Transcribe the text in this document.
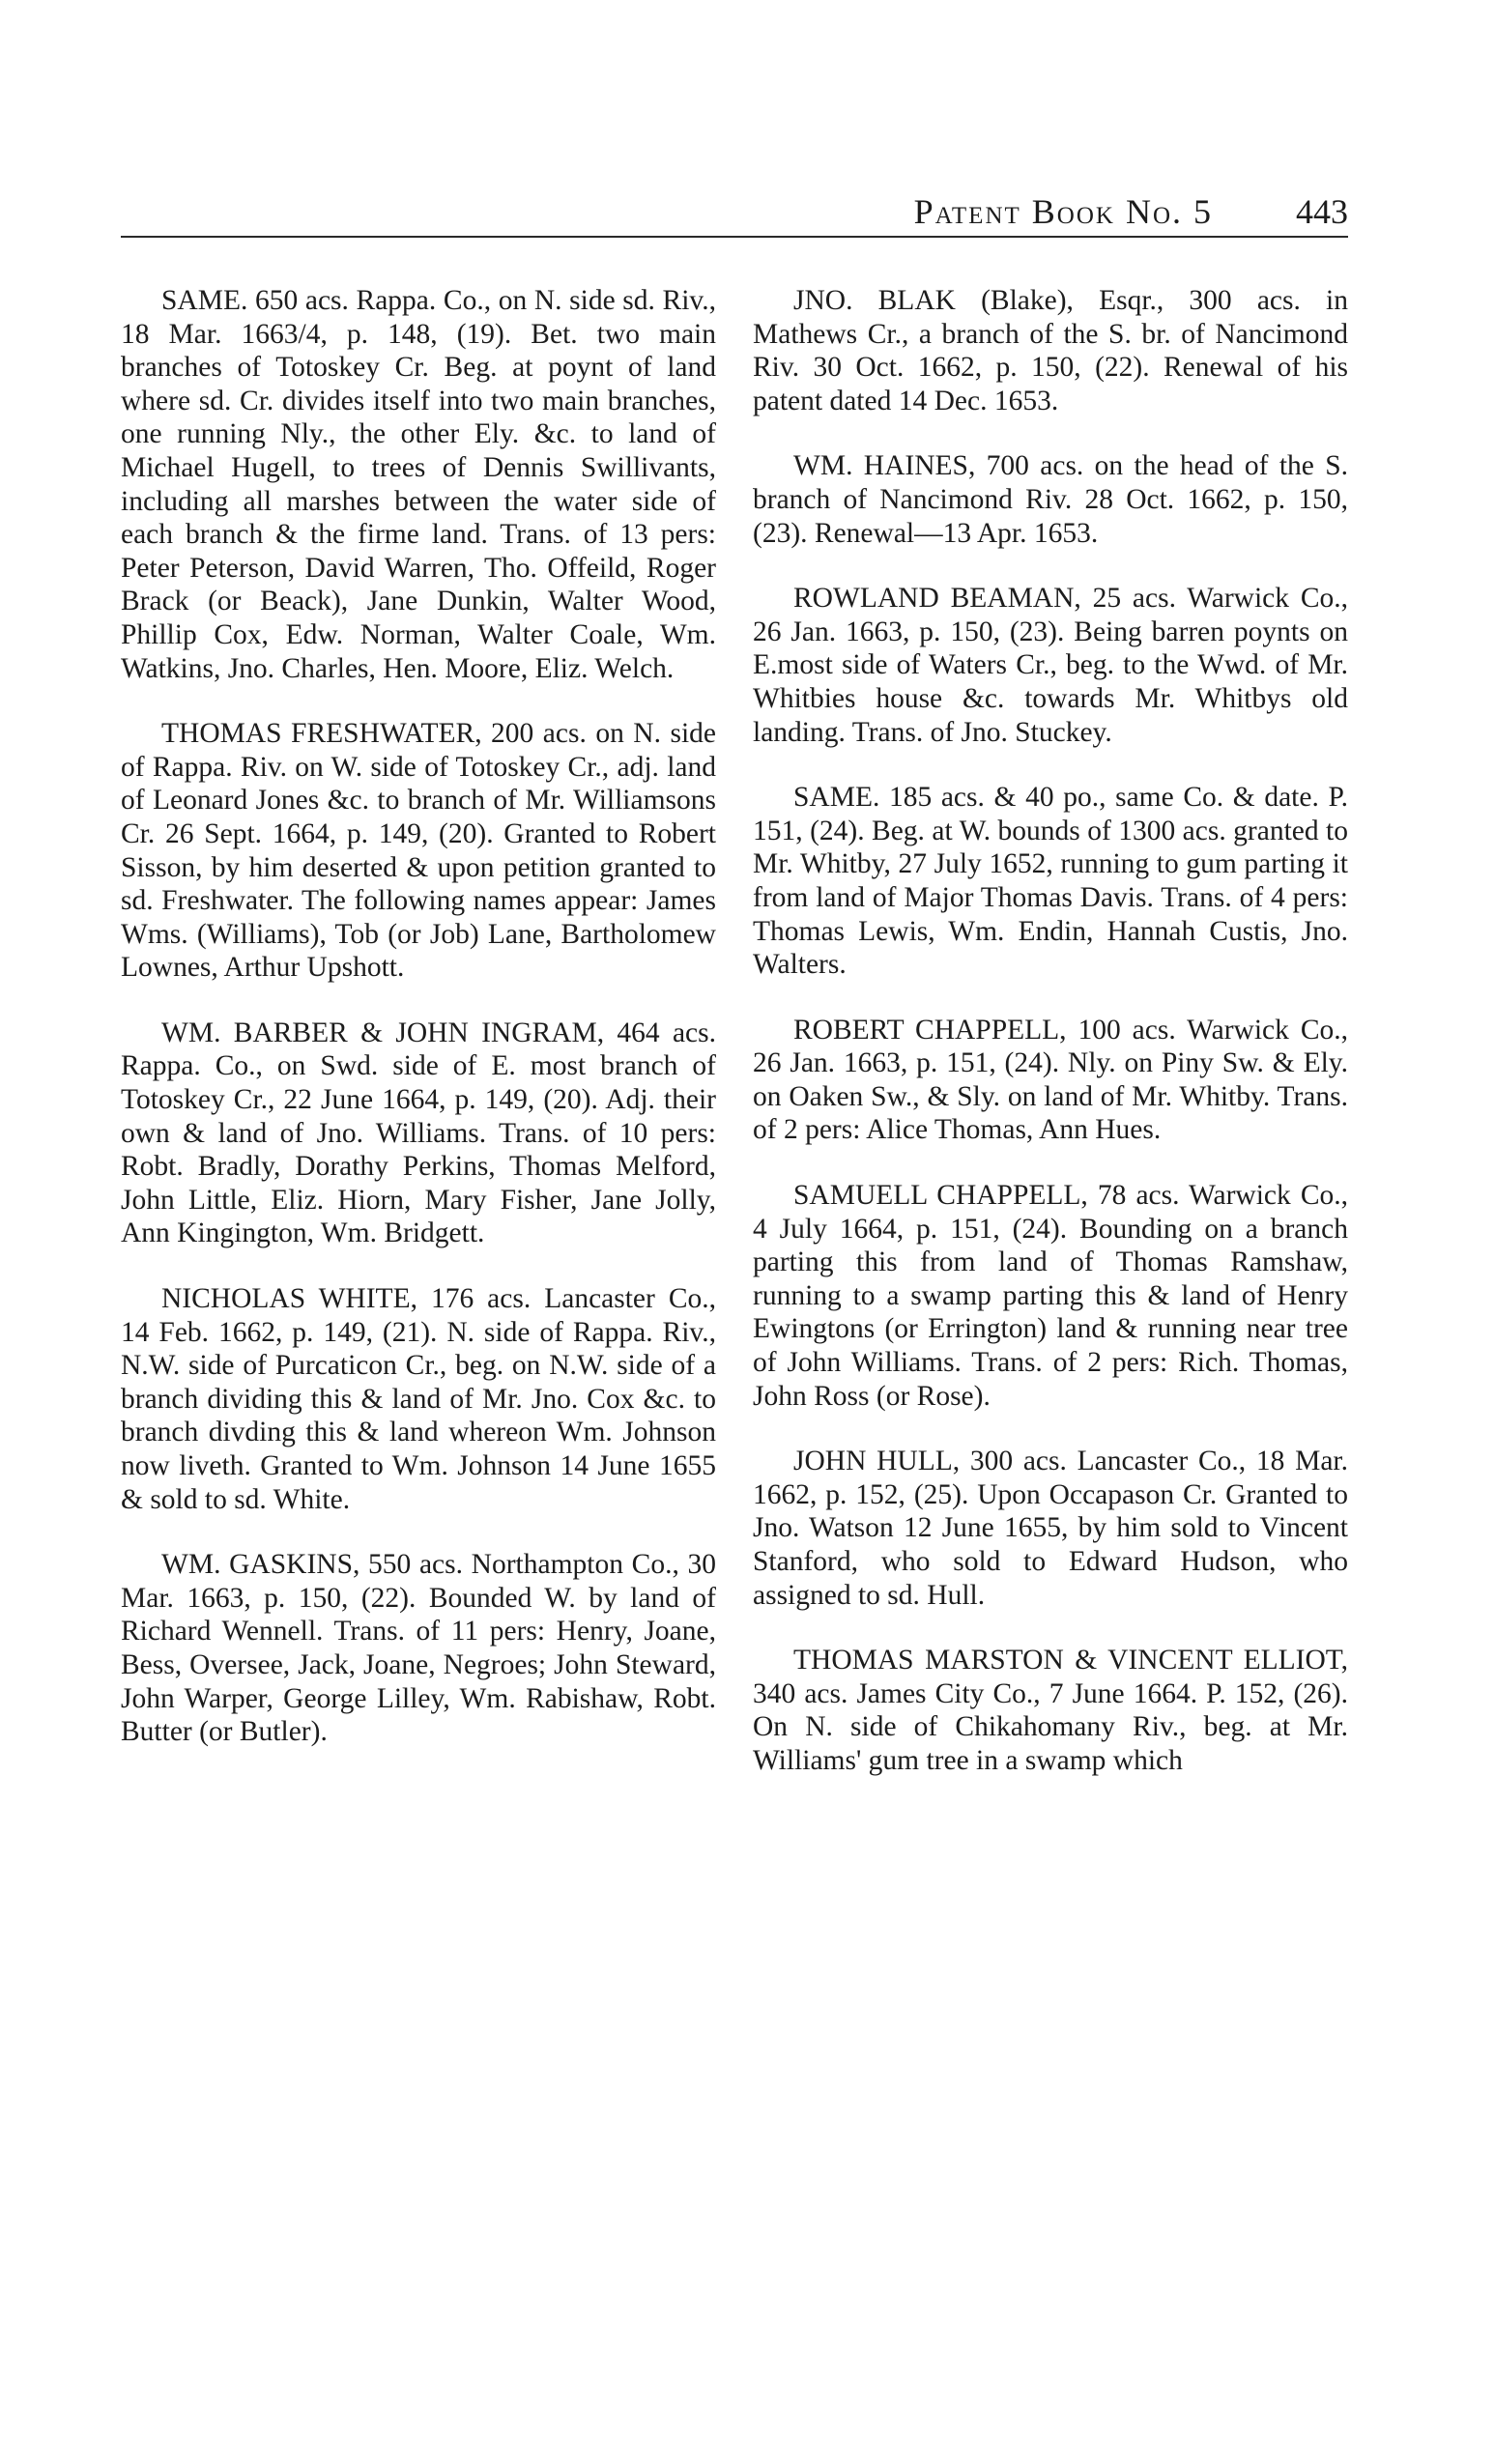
Patent Book No. 5 443

SAME. 650 acs. Rappa. Co., on N. side sd. Riv., 18 Mar. 1663/4, p. 148, (19). Bet. two main branches of Totoskey Cr. Beg. at poynt of land where sd. Cr. divides itself into two main branches, one running Nly., the other Ely. &c. to land of Michael Hugell, to trees of Dennis Swillivants, including all marshes between the water side of each branch & the firme land. Trans. of 13 pers: Peter Peterson, David Warren, Tho. Offeild, Roger Brack (or Beack), Jane Dunkin, Walter Wood, Phillip Cox, Edw. Norman, Walter Coale, Wm. Watkins, Jno. Charles, Hen. Moore, Eliz. Welch.

THOMAS FRESHWATER, 200 acs. on N. side of Rappa. Riv. on W. side of Totoskey Cr., adj. land of Leonard Jones &c. to branch of Mr. Williamsons Cr. 26 Sept. 1664, p. 149, (20). Granted to Robert Sisson, by him deserted & upon petition granted to sd. Freshwater. The following names appear: James Wms. (Williams), Tob (or Job) Lane, Bartholomew Lownes, Arthur Upshott.

WM. BARBER & JOHN INGRAM, 464 acs. Rappa. Co., on Swd. side of E. most branch of Totoskey Cr., 22 June 1664, p. 149, (20). Adj. their own & land of Jno. Williams. Trans. of 10 pers: Robt. Bradly, Dorathy Perkins, Thomas Melford, John Little, Eliz. Hiorn, Mary Fisher, Jane Jolly, Ann Kingington, Wm. Bridgett.

NICHOLAS WHITE, 176 acs. Lancaster Co., 14 Feb. 1662, p. 149, (21). N. side of Rappa. Riv., N.W. side of Purcaticon Cr., beg. on N.W. side of a branch dividing this & land of Mr. Jno. Cox &c. to branch divding this & land whereon Wm. Johnson now liveth. Granted to Wm. Johnson 14 June 1655 & sold to sd. White.

WM. GASKINS, 550 acs. Northampton Co., 30 Mar. 1663, p. 150, (22). Bounded W. by land of Richard Wennell. Trans. of 11 pers: Henry, Joane, Bess, Oversee, Jack, Joane, Negroes; John Steward, John Warper, George Lilley, Wm. Rabishaw, Robt. Butter (or Butler).

JNO. BLAK (Blake), Esqr., 300 acs. in Mathews Cr., a branch of the S. br. of Nancimond Riv. 30 Oct. 1662, p. 150, (22). Renewal of his patent dated 14 Dec. 1653.

WM. HAINES, 700 acs. on the head of the S. branch of Nancimond Riv. 28 Oct. 1662, p. 150, (23). Renewal—13 Apr. 1653.

ROWLAND BEAMAN, 25 acs. Warwick Co., 26 Jan. 1663, p. 150, (23). Being barren poynts on E.most side of Waters Cr., beg. to the Wwd. of Mr. Whitbies house &c. towards Mr. Whitbys old landing. Trans. of Jno. Stuckey.

SAME. 185 acs. & 40 po., same Co. & date. P. 151, (24). Beg. at W. bounds of 1300 acs. granted to Mr. Whitby, 27 July 1652, running to gum parting it from land of Major Thomas Davis. Trans. of 4 pers: Thomas Lewis, Wm. Endin, Hannah Custis, Jno. Walters.

ROBERT CHAPPELL, 100 acs. Warwick Co., 26 Jan. 1663, p. 151, (24). Nly. on Piny Sw. & Ely. on Oaken Sw., & Sly. on land of Mr. Whitby. Trans. of 2 pers: Alice Thomas, Ann Hues.

SAMUELL CHAPPELL, 78 acs. Warwick Co., 4 July 1664, p. 151, (24). Bounding on a branch parting this from land of Thomas Ramshaw, running to a swamp parting this & land of Henry Ewingtons (or Errington) land & running near tree of John Williams. Trans. of 2 pers: Rich. Thomas, John Ross (or Rose).

JOHN HULL, 300 acs. Lancaster Co., 18 Mar. 1662, p. 152, (25). Upon Occapason Cr. Granted to Jno. Watson 12 June 1655, by him sold to Vincent Stanford, who sold to Edward Hudson, who assigned to sd. Hull.

THOMAS MARSTON & VINCENT ELLIOT, 340 acs. James City Co., 7 June 1664. P. 152, (26). On N. side of Chikahomany Riv., beg. at Mr. Williams' gum tree in a swamp which
